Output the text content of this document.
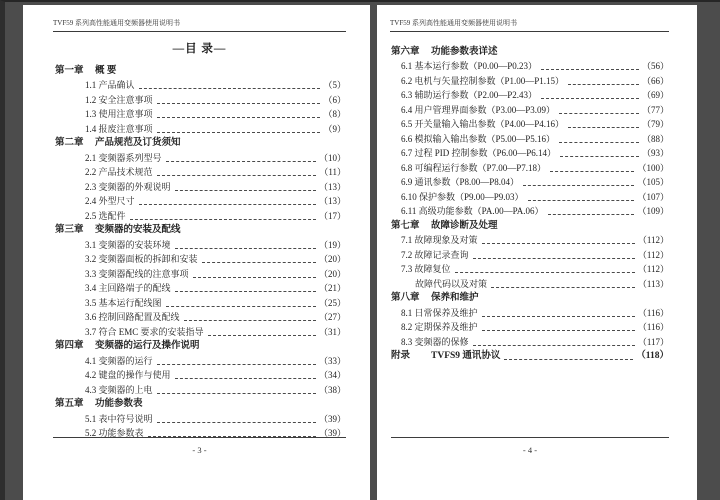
TVF59 系列高性能通用变频器使用说明书
—目 录—
第一章	概 要
1.1 产品确认	（5）
1.2 安全注意事项	（6）
1.3 使用注意事项	（8）
1.4 报废注意事项	（9）
第二章	产品规范及订货须知
2.1 变频器系列型号	（10）
2.2 产品技术规范	（11）
2.3 变频器的外观说明	（13）
2.4 外型尺寸	（13）
2.5 选配件	（17）
第三章	变频器的安装及配线
3.1 变频器的安装环境	（19）
3.2 变频器面板的拆卸和安装	（20）
3.3 变频器配线的注意事项	（20）
3.4 主回路端子的配线	（21）
3.5 基本运行配线图	（25）
3.6 控制回路配置及配线	（27）
3.7 符合 EMC 要求的安装指导	（31）
第四章	变频器的运行及操作说明
4.1 变频器的运行	（33）
4.2 键盘的操作与使用	（34）
4.3 变频器的上电	（38）
第五章	功能参数表
5.1 表中符号说明	（39）
5.2 功能参数表	（39）
- 3 -
TVF59 系列高性能通用变频器使用说明书
第六章	功能参数表详述
6.1 基本运行参数（P0.00—P0.23）	（56）
6.2 电机与矢量控制参数（P1.00—P1.15）	（66）
6.3 辅助运行参数（P2.00—P2.43）	（69）
6.4 用户管理界面参数（P3.00—P3.09）	（77）
6.5 开关量输入输出参数（P4.00—P4.16）	（79）
6.6 模拟输入输出参数（P5.00—P5.16）	（88）
6.7 过程 PID 控制参数（P6.00—P6.14）	（93）
6.8 可编程运行参数（P7.00—P7.18）	（100）
6.9 通讯参数（P8.00—P8.04）	（105）
6.10 保护参数（P9.00—P9.03）	（107）
6.11 高级功能参数（PA.00—PA.06）	（109）
第七章	故障诊断及处理
7.1 故障现象及对策	（112）
7.2 故障记录查询	（112）
7.3 故障复位	（112）
故障代码以及对策	（113）
第八章	保养和维护
8.1 日常保养及维护	（116）
8.2 定期保养及维护	（116）
8.3 变频器的保修	（117）
附录	TVFS9 通讯协议	（118）
- 4 -
